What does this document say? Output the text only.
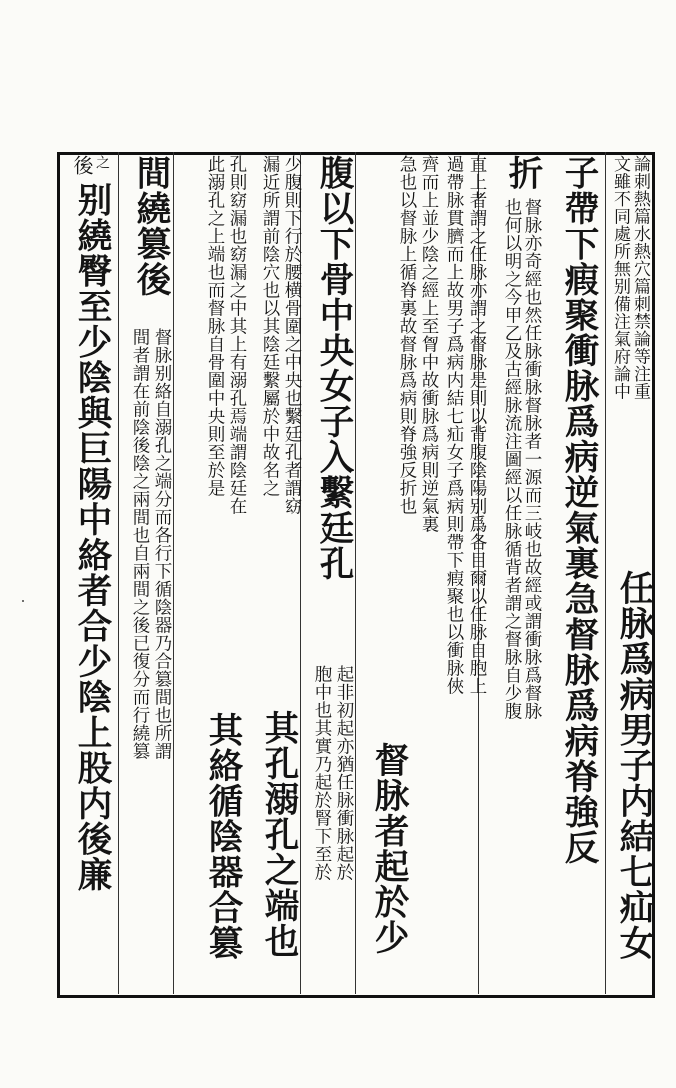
論刺熱篇水熱穴篇刺禁論等注重
文雖不同處所無别備注氣府論中
任脉爲病男子内結七疝女
子帶下瘕聚衝脉爲病逆氣裏急督脉爲病脊強反
督脉亦奇經也然任脉衝脉督脉者一源而三岐也故經或謂衝脉爲督脉
也何以明之今甲乙及古經脉流注圖經以任脉循背者謂之督脉自少腹
折
直上者謂之任脉亦謂之督脉是則以背腹陰陽别爲各目爾以任脉自胞上
過帶脉貫臍而上故男子爲病内結七疝女子爲病則帶下瘕聚也以衝脉俠
齊而上並少陰之經上至胷中故衝脉爲病則逆氣裏
急也以督脉上循脊裏故督脉爲病則脊強反折也
督脉者起於少
腹以下骨中央女子入繫廷孔
起非初起亦猶任脉衝脉起於
胞中也其實乃起於腎下至於
其孔溺孔之端也
少腹則下行於腰横骨圍之中央也繫廷孔者謂窈
漏近所謂前陰穴也以其陰廷繫屬於中故名之
孔則窈漏也窈漏之中其上有溺孔焉端謂陰廷在
此溺孔之上端也而督脉自骨圍中央則至於是
其絡循陰器合篡
間繞篡後
督脉别絡自溺孔之端分而各行下循陰器乃合篡間也所謂
間者謂在前陰後陰之兩間也自兩間之後已復分而行繞篡
别繞臀至少陰與巨陽中絡者合少陰上股内後廉
後 之
